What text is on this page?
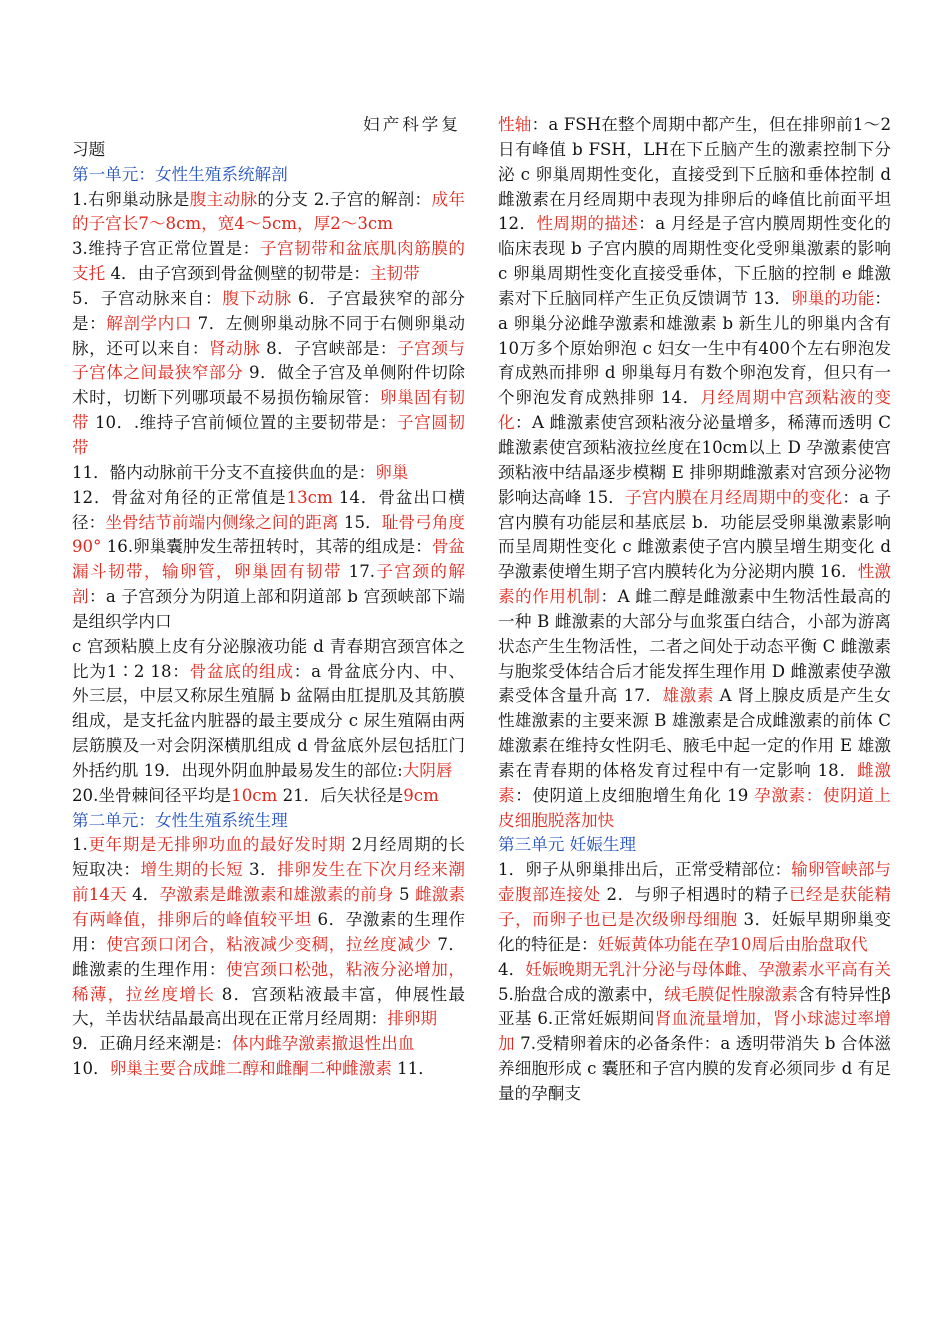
妇产科学复
习题
第一单元：女性生殖系统解剖
1.右卵巢动脉是腹主动脉的分支 2.子宫的解剖：成年的子宫长7～8cm，宽4～5cm，厚2～3cm
3.维持子宫正常位置是：子宫韧带和盆底肌肉筋膜的支托 4．由子宫颈到骨盆侧壁的韧带是：主韧带
5．子宫动脉来自：腹下动脉 6．子宫最狭窄的部分是：解剖学内口 7．左侧卵巢动脉不同于右侧卵巢动脉，还可以来自：肾动脉 8．子宫峡部是：子宫颈与子宫体之间最狭窄部分 9．做全子宫及单侧附件切除术时，切断下列哪项最不易损伤输尿管：卵巢固有韧带 10．.维持子宫前倾位置的主要韧带是：子宫圆韧带
11．骼内动脉前干分支不直接供血的是：卵巢
12．骨盆对角径的正常值是13cm 14．骨盆出口横径：坐骨结节前端内侧缘之间的距离 15．耻骨弓角度90° 16.卵巢囊肿发生蒂扭转时，其蒂的组成是：骨盆漏斗韧带，输卵管，卵巢固有韧带 17.子宫颈的解剖：a 子宫颈分为阴道上部和阴道部 b 宫颈峡部下端是组织学内口
c 宫颈粘膜上皮有分泌腺液功能 d 青春期宫颈宫体之比为1∶2 18：骨盆底的组成：a 骨盆底分内、中、外三层，中层又称尿生殖膈 b 盆隔由肛提肌及其筋膜组成，是支托盆内脏器的最主要成分 c 尿生殖隔由两层筋膜及一对会阴深横肌组成 d 骨盆底外层包括肛门外括约肌 19．出现外阴血肿最易发生的部位:大阴唇
20.坐骨棘间径平均是10cm 21．后矢状径是9cm
第二单元：女性生殖系统生理
1.更年期是无排卵功血的最好发时期 2月经周期的长短取决：增生期的长短 3．排卵发生在下次月经来潮前14天 4．孕激素是雌激素和雄激素的前身 5 雌激素有两峰值，排卵后的峰值较平坦 6．孕激素的生理作用：使宫颈口闭合，粘液减少变稠，拉丝度减少 7．雌激素的生理作用：使宫颈口松弛，粘液分泌增加，稀薄，拉丝度增长 8．宫颈粘液最丰富，伸展性最大，羊齿状结晶最高出现在正常月经周期：排卵期
9．正确月经来潮是：体内雌孕激素撤退性出血
10．卵巢主要合成雌二醇和雌酮二种雌激素 11．
性轴：a FSH在整个周期中都产生，但在排卵前1～2日有峰值 b FSH，LH在下丘脑产生的激素控制下分泌 c 卵巢周期性变化，直接受到下丘脑和垂体控制 d 雌激素在月经周期中表现为排卵后的峰值比前面平坦 12．性周期的描述：a 月经是子宫内膜周期性变化的临床表现 b 子宫内膜的周期性变化受卵巢激素的影响 c 卵巢周期性变化直接受垂体，下丘脑的控制 e 雌激素对下丘脑同样产生正负反馈调节 13．卵巢的功能：a 卵巢分泌雌孕激素和雄激素 b 新生儿的卵巢内含有10万多个原始卵泡 c 妇女一生中有400个左右卵泡发育成熟而排卵 d 卵巢每月有数个卵泡发育，但只有一个卵泡发育成熟排卵 14．月经周期中宫颈粘液的变化：A 雌激素使宫颈粘液分泌量增多，稀薄而透明 C 雌激素使宫颈粘液拉丝度在10cm以上 D 孕激素使宫颈粘液中结晶逐步模糊 E 排卵期雌激素对宫颈分泌物影响达高峰 15．子宫内膜在月经周期中的变化：a 子宫内膜有功能层和基底层 b．功能层受卵巢激素影响而呈周期性变化 c 雌激素使子宫内膜呈增生期变化 d 孕激素使增生期子宫内膜转化为分泌期内膜 16．性激素的作用机制：A 雌二醇是雌激素中生物活性最高的一种 B 雌激素的大部分与血浆蛋白结合，小部为游离状态产生生物活性，二者之间处于动态平衡 C 雌激素与胞浆受体结合后才能发挥生理作用 D 雌激素使孕激素受体含量升高 17．雄激素 A 肾上腺皮质是产生女性雄激素的主要来源 B 雄激素是合成雌激素的前体 C 雄激素在维持女性阴毛、腋毛中起一定的作用 E 雄激素在青春期的体格发育过程中有一定影响 18．雌激素：使阴道上皮细胞增生角化 19 孕激素：使阴道上皮细胞脱落加快
第三单元 妊娠生理
1．卵子从卵巢排出后，正常受精部位：输卵管峡部与壶腹部连接处 2．与卵子相遇时的精子已经是获能精子，而卵子也已是次级卵母细胞 3．妊娠早期卵巢变化的特征是：妊娠黄体功能在孕10周后由胎盘取代
4．妊娠晚期无乳汁分泌与母体雌、孕激素水平高有关 5.胎盘合成的激素中，绒毛膜促性腺激素含有特异性β亚基 6.正常妊娠期间肾血流量增加，肾小球滤过率增加 7.受精卵着床的必备条件：a 透明带消失 b 合体滋养细胞形成 c 囊胚和子宫内膜的发育必须同步 d 有足量的孕酮支
